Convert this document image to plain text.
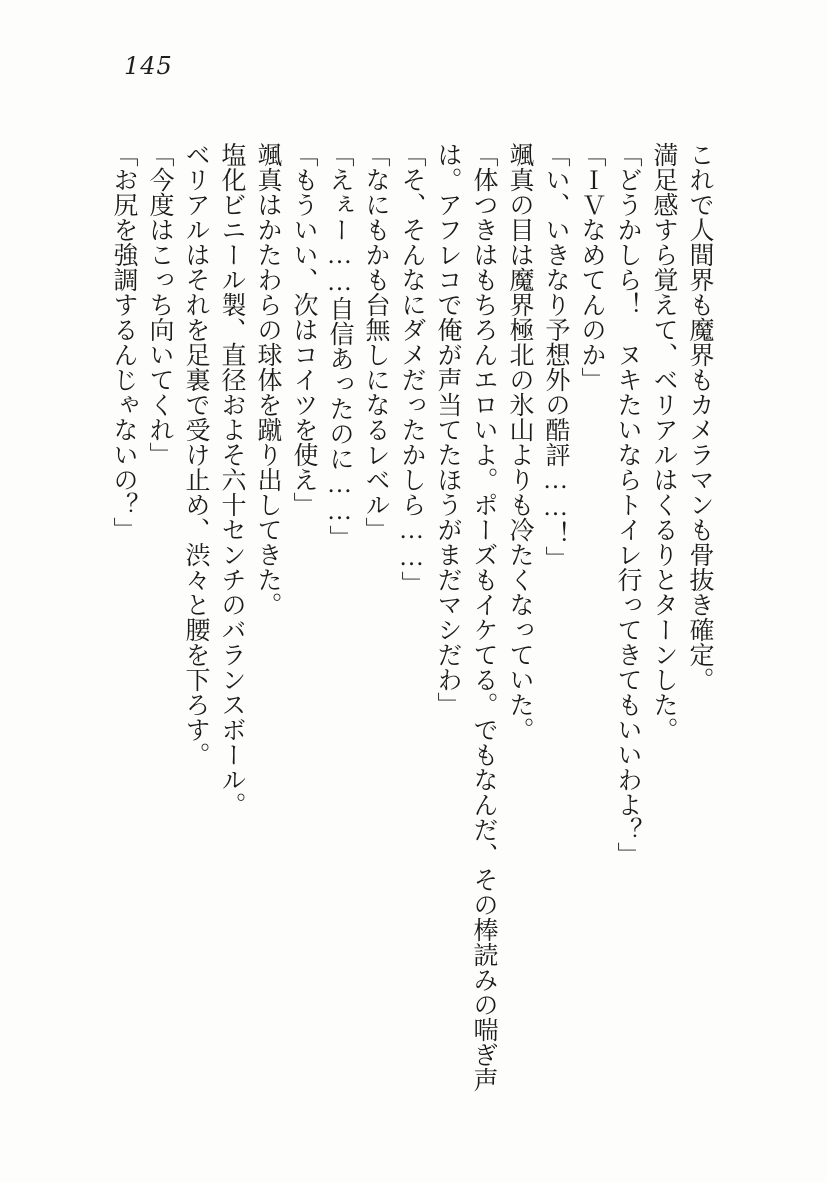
145

これで人間界も魔界もカメラマンも骨抜き確定。

満足感すら覚えて、ベリアルはくるりとターンした。

「どうかしら！　ヌキたいならトイレ行ってきてもいいわよ？」

「ＩＶなめてんのか」

「い、いきなり予想外の酷評……！」

颯真の目は魔界極北の氷山よりも冷たくなっていた。

「体つきはもちろんエロいよ。ポーズもイケてる。でもなんだ、その棒読みの喘ぎ声は。アフレコで俺が声当てたほうがまだマシだわ」

「そ、そんなにダメだったかしら……」

「なにもかも台無しになるレベル」

「えぇー……自信あったのに……」

「もういい、次はコイツを使え」

颯真はかたわらの球体を蹴り出してきた。

塩化ビニール製、直径およそ六十センチのバランスボール。

ベリアルはそれを足裏で受け止め、渋々と腰を下ろす。

「今度はこっち向いてくれ」

「お尻を強調するんじゃないの？」
